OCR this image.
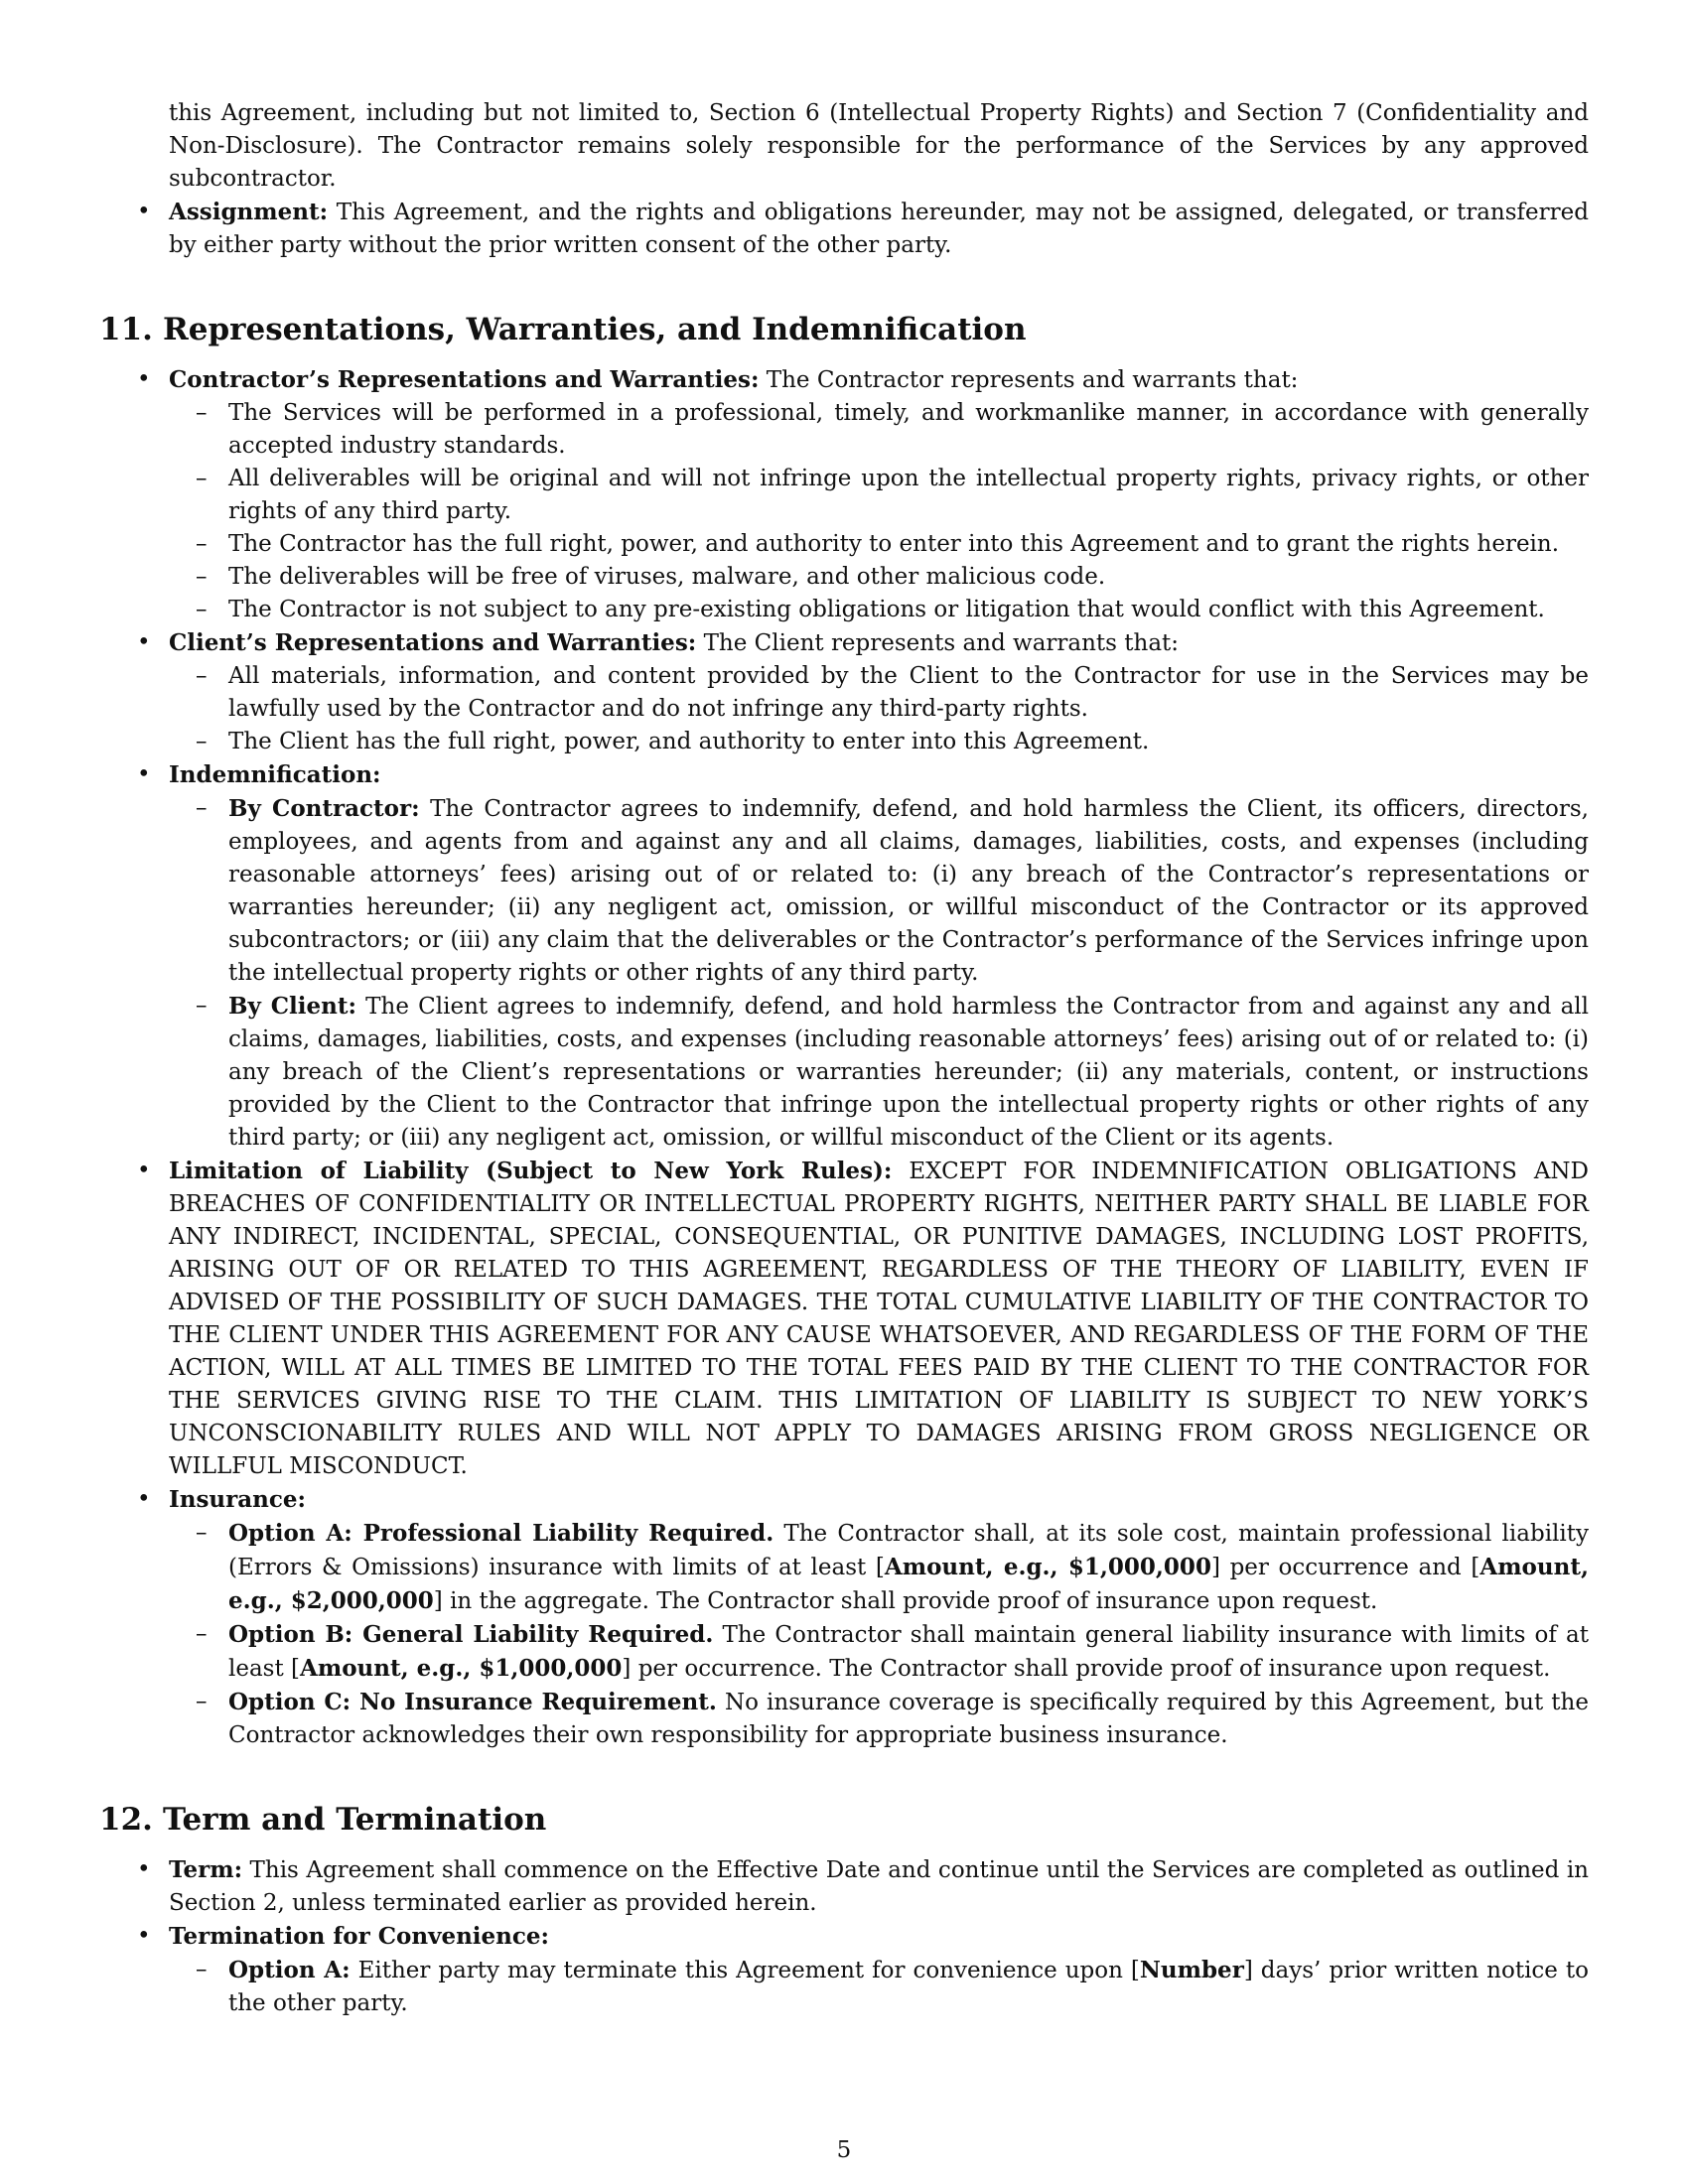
this Agreement, including but not limited to, Section 6 (Intellectual Property Rights) and Section 7 (Confidentiality and Non-Disclosure). The Contractor remains solely responsible for the performance of the Services by any approved subcontractor.

• Assignment: This Agreement, and the rights and obligations hereunder, may not be assigned, delegated, or transferred by either party without the prior written consent of the other party.
11. Representations, Warranties, and Indemnification
• Contractor’s Representations and Warranties: The Contractor represents and warrants that:
– The Services will be performed in a professional, timely, and workmanlike manner, in accordance with generally accepted industry standards.
– All deliverables will be original and will not infringe upon the intellectual property rights, privacy rights, or other rights of any third party.
– The Contractor has the full right, power, and authority to enter into this Agreement and to grant the rights herein.
– The deliverables will be free of viruses, malware, and other malicious code.
– The Contractor is not subject to any pre-existing obligations or litigation that would conflict with this Agreement.
• Client’s Representations and Warranties: The Client represents and warrants that:
– All materials, information, and content provided by the Client to the Contractor for use in the Services may be lawfully used by the Contractor and do not infringe any third-party rights.
– The Client has the full right, power, and authority to enter into this Agreement.
• Indemnification:
– By Contractor: The Contractor agrees to indemnify, defend, and hold harmless the Client, its officers, directors, employees, and agents from and against any and all claims, damages, liabilities, costs, and expenses (including reasonable attorneys’ fees) arising out of or related to: (i) any breach of the Contractor’s representations or warranties hereunder; (ii) any negligent act, omission, or willful misconduct of the Contractor or its approved subcontractors; or (iii) any claim that the deliverables or the Contractor’s performance of the Services infringe upon the intellectual property rights or other rights of any third party.
– By Client: The Client agrees to indemnify, defend, and hold harmless the Contractor from and against any and all claims, damages, liabilities, costs, and expenses (including reasonable attorneys’ fees) arising out of or related to: (i) any breach of the Client’s representations or warranties hereunder; (ii) any materials, content, or instructions provided by the Client to the Contractor that infringe upon the intellectual property rights or other rights of any third party; or (iii) any negligent act, omission, or willful misconduct of the Client or its agents.
• Limitation of Liability (Subject to New York Rules): EXCEPT FOR INDEMNIFICATION OBLIGATIONS AND BREACHES OF CONFIDENTIALITY OR INTELLECTUAL PROPERTY RIGHTS, NEITHER PARTY SHALL BE LIABLE FOR ANY INDIRECT, INCIDENTAL, SPECIAL, CONSEQUENTIAL, OR PUNITIVE DAMAGES, INCLUDING LOST PROFITS, ARISING OUT OF OR RELATED TO THIS AGREEMENT, REGARDLESS OF THE THEORY OF LIABILITY, EVEN IF ADVISED OF THE POSSIBILITY OF SUCH DAMAGES. THE TOTAL CUMULATIVE LIABILITY OF THE CONTRACTOR TO THE CLIENT UNDER THIS AGREEMENT FOR ANY CAUSE WHATSOEVER, AND REGARDLESS OF THE FORM OF THE ACTION, WILL AT ALL TIMES BE LIMITED TO THE TOTAL FEES PAID BY THE CLIENT TO THE CONTRACTOR FOR THE SERVICES GIVING RISE TO THE CLAIM. THIS LIMITATION OF LIABILITY IS SUBJECT TO NEW YORK’S UNCONSCIONABILITY RULES AND WILL NOT APPLY TO DAMAGES ARISING FROM GROSS NEGLIGENCE OR WILLFUL MISCONDUCT.
• Insurance:
– Option A: Professional Liability Required. The Contractor shall, at its sole cost, maintain professional liability (Errors & Omissions) insurance with limits of at least [Amount, e.g., $1,000,000] per occurrence and [Amount, e.g., $2,000,000] in the aggregate. The Contractor shall provide proof of insurance upon request.
– Option B: General Liability Required. The Contractor shall maintain general liability insurance with limits of at least [Amount, e.g., $1,000,000] per occurrence. The Contractor shall provide proof of insurance upon request.
– Option C: No Insurance Requirement. No insurance coverage is specifically required by this Agreement, but the Contractor acknowledges their own responsibility for appropriate business insurance.
12. Term and Termination
• Term: This Agreement shall commence on the Effective Date and continue until the Services are completed as outlined in Section 2, unless terminated earlier as provided herein.
• Termination for Convenience:
– Option A: Either party may terminate this Agreement for convenience upon [Number] days’ prior written notice to the other party.
5
